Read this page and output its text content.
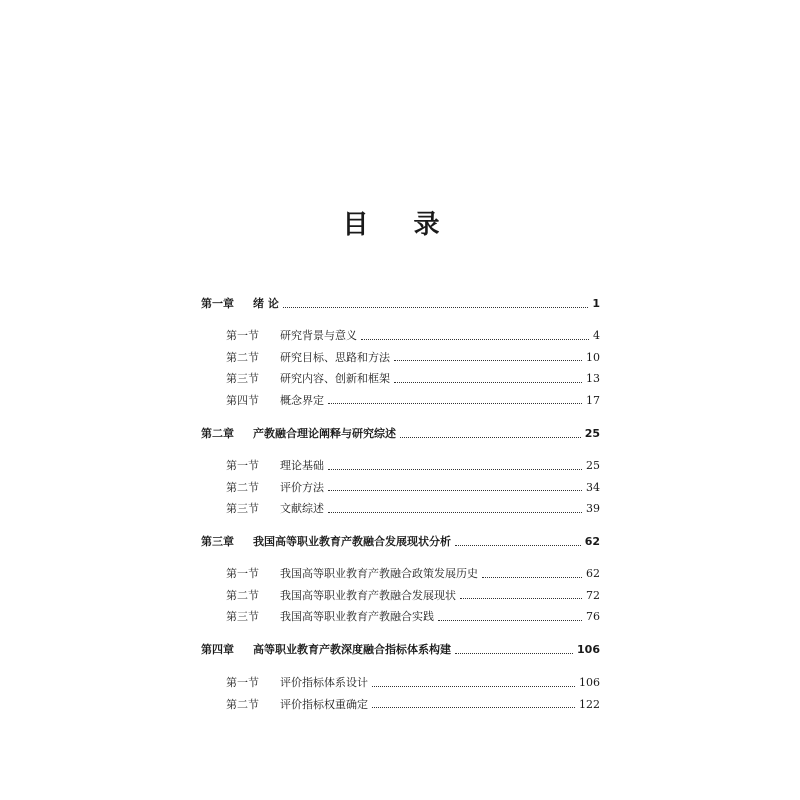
目 录
第一章	绪 论	1
第一节	研究背景与意义	4
第二节	研究目标、思路和方法	10
第三节	研究内容、创新和框架	13
第四节	概念界定	17
第二章	产教融合理论阐释与研究综述	25
第一节	理论基础	25
第二节	评价方法	34
第三节	文献综述	39
第三章	我国高等职业教育产教融合发展现状分析	62
第一节	我国高等职业教育产教融合政策发展历史	62
第二节	我国高等职业教育产教融合发展现状	72
第三节	我国高等职业教育产教融合实践	76
第四章	高等职业教育产教深度融合指标体系构建	106
第一节	评价指标体系设计	106
第二节	评价指标权重确定	122
